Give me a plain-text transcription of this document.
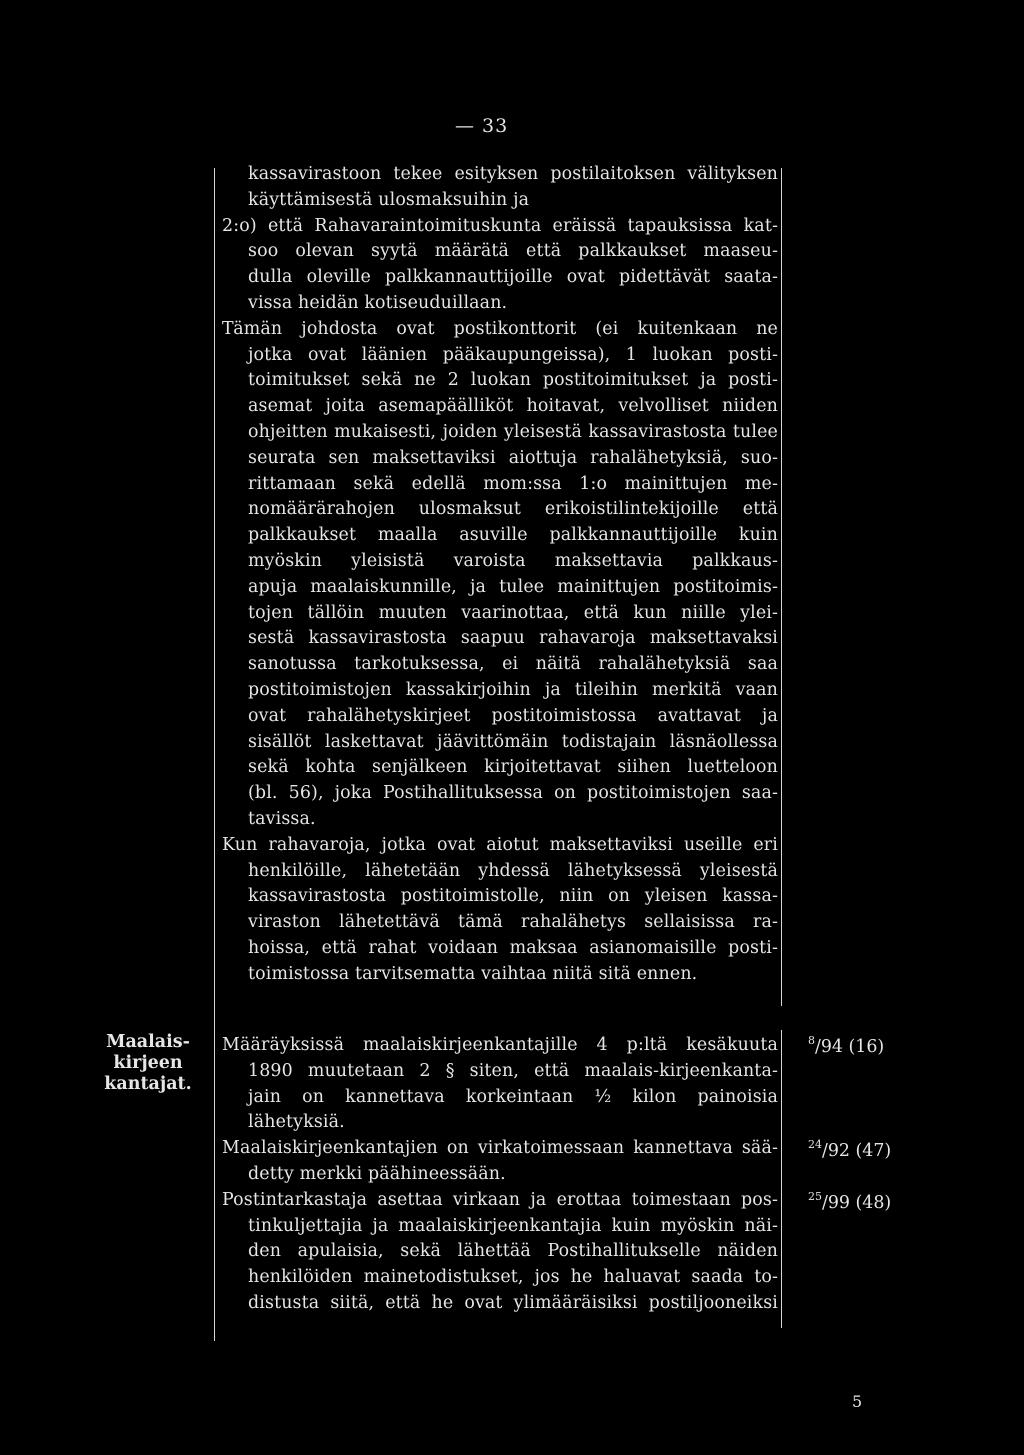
— 33
kassavirastoon tekee esityksen postilaitoksen välityksen
käyttämisestä ulosmaksuihin ja
2:o) että Rahavaraintoimituskunta eräissä tapauksissa kat-
soo olevan syytä määrätä että palkkaukset maaseu-
dulla oleville palkkannauttijoille ovat pidettävät saata-
vissa heidän kotiseuduillaan.
Tämän johdosta ovat postikonttorit (ei kuitenkaan ne
jotka ovat läänien pääkaupungeissa), 1 luokan posti-
toimitukset sekä ne 2 luokan postitoimitukset ja posti-
asemat joita asemapäälliköt hoitavat, velvolliset niiden
ohjeitten mukaisesti, joiden yleisestä kassavirastosta tulee
seurata sen maksettaviksi aiottuja rahalähetyksiä, suo-
rittamaan sekä edellä mom:ssa 1:o mainittujen me-
nomäärärahojen ulosmaksut erikoistilintekijoille että
palkkaukset maalla asuville palkkannauttijoille kuin
myöskin yleisistä varoista maksettavia palkkaus-
apuja maalaiskunnille, ja tulee mainittujen postitoimis-
tojen tällöin muuten vaarinottaa, että kun niille ylei-
sestä kassavirastosta saapuu rahavaroja maksettavaksi
sanotussa tarkotuksessa, ei näitä rahalähetyksiä saa
postitoimistojen kassakirjoihin ja tileihin merkitä vaan
ovat rahalähetyskirjeet postitoimistossa avattavat ja
sisällöt laskettavat jäävittömäin todistajain läsnäollessa
sekä kohta senjälkeen kirjoitettavat siihen luetteloon
(bl. 56), joka Postihallituksessa on postitoimistojen saa-
tavissa.
Kun rahavaroja, jotka ovat aiotut maksettaviksi useille eri
henkilöille, lähetetään yhdessä lähetyksessä yleisestä
kassavirastosta postitoimistolle, niin on yleisen kassa-
viraston lähetettävä tämä rahalähetys sellaisissa ra-
hoissa, että rahat voidaan maksaa asianomaisille posti-
toimistossa tarvitsematta vaihtaa niitä sitä ennen.
Maalais-
kirjeen
kantajat.
Määräyksissä maalaiskirjeenkantajille 4 p:ltä kesäkuuta
1890 muutetaan 2 § siten, että maalais-kirjeenkanta-
jain on kannettava korkeintaan ½ kilon painoisia
lähetyksiä.
Maalaiskirjeenkantajien on virkatoimessaan kannettava sää-
detty merkki päähineessään.
Postintarkastaja asettaa virkaan ja erottaa toimestaan pos-
tinkuljettajia ja maalaiskirjeenkantajia kuin myöskin näi-
den apulaisia, sekä lähettää Postihallitukselle näiden
henkilöiden mainetodistukset, jos he haluavat saada to-
distusta siitä, että he ovat ylimääräisiksi postiljooneiksi
$^8$/94 (16)
$^{24}$/92 (47)
$^{25}$/99 (48)
5
